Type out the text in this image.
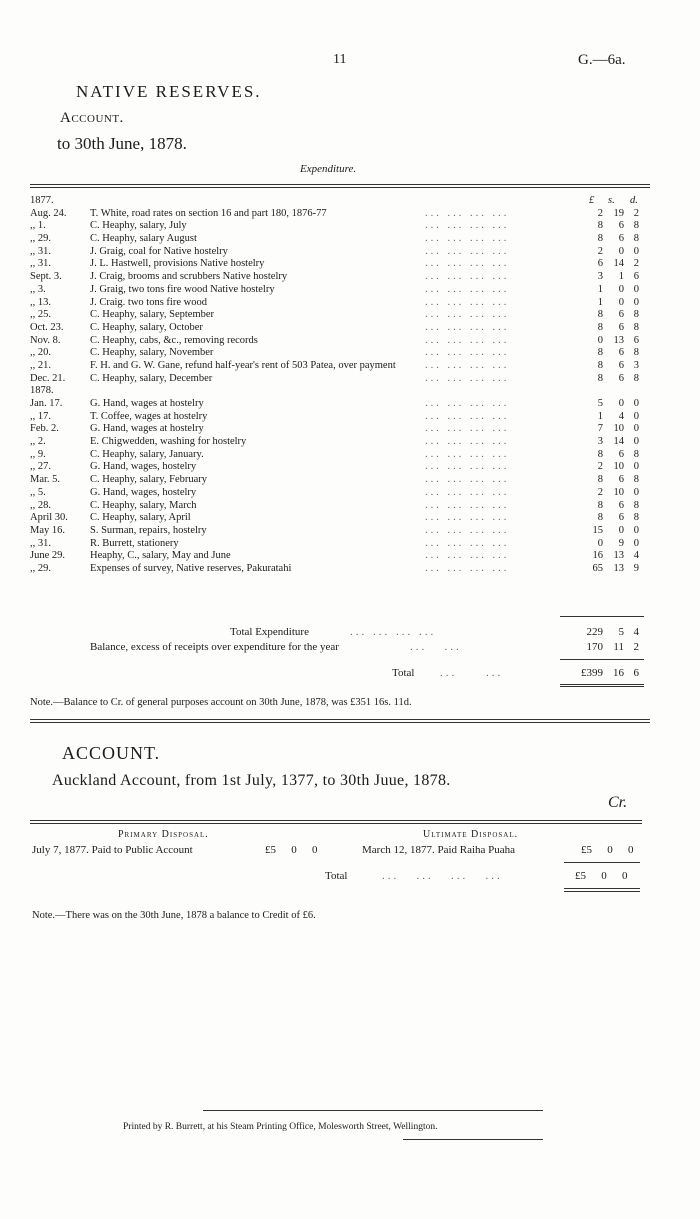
11	G.—6a.
NATIVE RESERVES.
Account.
to 30th June, 1878.
Expenditure.
£ s. d.
1877.
Aug. 24.	T. White, road rates on section 16 and part 180, 1876-77	... ... ... ...	2	19 2
,, 1.	C. Heaphy, salary, July	... ... ... ...	8	6 8
,, 29.	C. Heaphy, salary August	... ... ... ...	8	6 8
,, 31.	J. Graig, coal for Native hostelry	... ... ... ...	2	0 0
,, 31.	J. L. Hastwell, provisions Native hostelry	... ... ... ...	6	14 2
Sept. 3.	J. Craig, brooms and scrubbers Native hostelry	... ... ... ...	3	1 6
,, 3.	J. Graig, two tons fire wood Native hostelry	... ... ... ...	1	0 0
,, 13.	J. Craig. two tons fire wood	... ... ... ...	1	0 0
,, 25.	C. Heaphy, salary, September	... ... ... ...	8	6 8
Oct. 23.	C. Heaphy, salary, October	... ... ... ...	8	6 8
Nov. 8.	C. Heaphy, cabs, &c., removing records	... ... ... ...	0	13 6
,, 20.	C. Heaphy, salary, November	... ... ... ...	8	6 8
,, 21.	F. H. and G. W. Gane, refund half-year's rent of 503 Patea, over payment	... ... ... ...	8	6 3
Dec. 21.	C. Heaphy, salary, December	... ... ... ...	8	6 8
1878.
Jan. 17.	G. Hand, wages at hostelry	... ... ... ...	5	0 0
,, 17.	T. Coffee, wages at hostelry	... ... ... ...	1	4 0
Feb. 2.	G. Hand, wages at hostelry	... ... ... ...	7	10 0
,, 2.	E. Chigwedden, washing for hostelry	... ... ... ...	3	14 0
,, 9.	C. Heaphy, salary, January.	... ... ... ...	8	6 8
,, 27.	G. Hand, wages, hostelry	... ... ... ...	2	10 0
Mar. 5.	C. Heaphy, salary, February	... ... ... ...	8	6 8
,, 5.	G. Hand, wages, hostelry	... ... ... ...	2	10 0
,, 28.	C. Heaphy, salary, March	... ... ... ...	8	6 8
April 30.	C. Heaphy, salary, April	... ... ... ...	8	6 8
May 16.	S. Surman, repairs, hostelry	... ... ... ...	15	0 0
,, 31.	R. Burrett, stationery	... ... ... ...	0	9 0
June 29.	Heaphy, C., salary, May and June	... ... ... ...	16	13 4
,, 29.	Expenses of survey, Native reserves, Pakuratahi	... ... ... ...	65	13 9
Total Expenditure	... ... ... ...	229	5 4
Balance, excess of receipts over expenditure for the year	...   ...	170 11 2
Total ...     ...	£399 16 6
Note.—Balance to Cr. of general purposes account on 30th June, 1878, was £351 16s. 11d.
ACCOUNT.
Auckland Account, from 1st July, 1377, to 30th Juue, 1878.
Cr.
Primary Disposal.	Ultimate Disposal.
July 7, 1877. Paid to Public Account	£5 0 0	March 12, 1877. Paid Raiha Puaha	£5 0 0
Total	...   ...   ...   ...	£5 0 0
Note.—There was on the 30th June, 1878 a balance to Credit of £6.
Printed by R. Burrett, at his Steam Printing Office, Molesworth Street, Wellington.
